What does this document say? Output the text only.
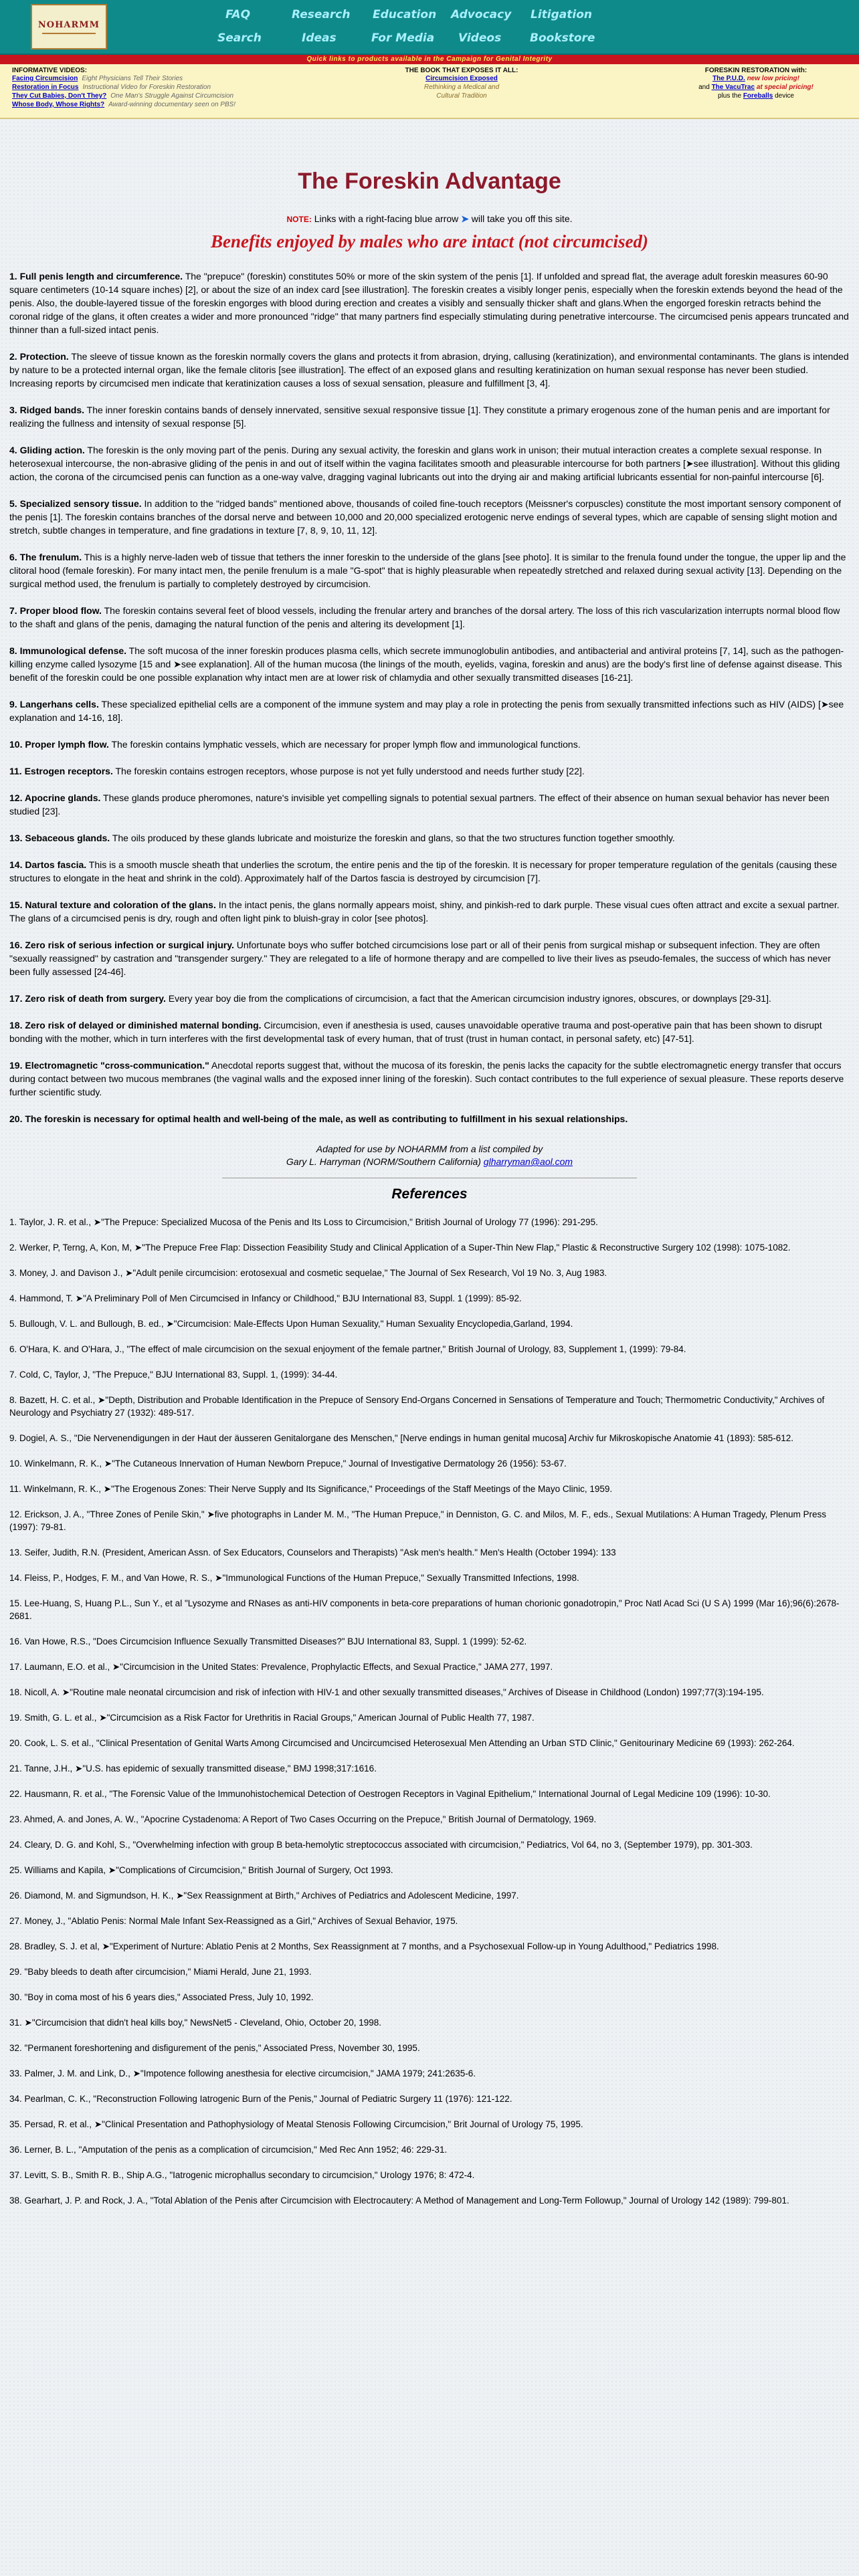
NOHARMM
FAQ	Research Education Advocacy Litigation
Search	Ideas	For Media Videos	Bookstore
Quick links to products available in the Campaign for Genital Integrity
INFORMATIVE VIDEOS:
Facing Circumcision Eight Physicians Tell Their Stories
Restoration in Focus Instructional Video for Foreskin Restoration
They Cut Babies, Don't They? One Man's Struggle Against Circumcision
Whose Body, Whose Rights? Award-winning documentary seen on PBS!
THE BOOK THAT EXPOSES IT ALL:
Circumcision Exposed
Rethinking a Medical and
Cultural Tradition
FORESKIN RESTORATION with:
The P.U.D. new low pricing!
and The VacuTrac at special pricing!
plus the Foreballs device
The Foreskin Advantage
NOTE: Links with a right-facing blue arrow ➤ will take you off this site.
Benefits enjoyed by males who are intact (not circumcised)

1. Full penis length and circumference. The "prepuce" (foreskin) constitutes 50% or more of the skin system of the penis [1]. If unfolded and spread flat, the average adult foreskin measures 60-90 square centimeters (10-14 square inches) [2], or about the size of an index card [see illustration]. The foreskin creates a visibly longer penis, especially when the foreskin extends beyond the head of the penis. Also, the double-layered tissue of the foreskin engorges with blood during erection and creates a visibly and sensually thicker shaft and glans.When the engorged foreskin retracts behind the coronal ridge of the glans, it often creates a wider and more pronounced "ridge" that many partners find especially stimulating during penetrative intercourse. The circumcised penis appears truncated and thinner than a full-sized intact penis.

2. Protection. The sleeve of tissue known as the foreskin normally covers the glans and protects it from abrasion, drying, callusing (keratinization), and environmental contaminants. The glans is intended by nature to be a protected internal organ, like the female clitoris [see illustration]. The effect of an exposed glans and resulting keratinization on human sexual response has never been studied. Increasing reports by circumcised men indicate that keratinization causes a loss of sexual sensation, pleasure and fulfillment [3, 4].

3. Ridged bands. The inner foreskin contains bands of densely innervated, sensitive sexual responsive tissue [1]. They constitute a primary erogenous zone of the human penis and are important for realizing the fullness and intensity of sexual response [5].

4. Gliding action. The foreskin is the only moving part of the penis. During any sexual activity, the foreskin and glans work in unison; their mutual interaction creates a complete sexual response. In heterosexual intercourse, the non-abrasive gliding of the penis in and out of itself within the vagina facilitates smooth and pleasurable intercourse for both partners [➤see illustration]. Without this gliding action, the corona of the circumcised penis can function as a one-way valve, dragging vaginal lubricants out into the drying air and making artificial lubricants essential for non-painful intercourse [6].

5. Specialized sensory tissue. In addition to the "ridged bands" mentioned above, thousands of coiled fine-touch receptors (Meissner's corpuscles) constitute the most important sensory component of the penis [1]. The foreskin contains branches of the dorsal nerve and between 10,000 and 20,000 specialized erotogenic nerve endings of several types, which are capable of sensing slight motion and stretch, subtle changes in temperature, and fine gradations in texture [7, 8, 9, 10, 11, 12].

6. The frenulum. This is a highly nerve-laden web of tissue that tethers the inner foreskin to the underside of the glans [see photo]. It is similar to the frenula found under the tongue, the upper lip and the clitoral hood (female foreskin). For many intact men, the penile frenulum is a male "G-spot" that is highly pleasurable when repeatedly stretched and relaxed during sexual activity [13]. Depending on the surgical method used, the frenulum is partially to completely destroyed by circumcision.

7. Proper blood flow. The foreskin contains several feet of blood vessels, including the frenular artery and branches of the dorsal artery. The loss of this rich vascularization interrupts normal blood flow to the shaft and glans of the penis, damaging the natural function of the penis and altering its development [1].

8. Immunological defense. The soft mucosa of the inner foreskin produces plasma cells, which secrete immunoglobulin antibodies, and antibacterial and antiviral proteins [7, 14], such as the pathogen-killing enzyme called lysozyme [15 and ➤see explanation]. All of the human mucosa (the linings of the mouth, eyelids, vagina, foreskin and anus) are the body's first line of defense against disease. This benefit of the foreskin could be one possible explanation why intact men are at lower risk of chlamydia and other sexually transmitted diseases [16-21].

9. Langerhans cells. These specialized epithelial cells are a component of the immune system and may play a role in protecting the penis from sexually transmitted infections such as HIV (AIDS) [➤see explanation and 14-16, 18].

10. Proper lymph flow. The foreskin contains lymphatic vessels, which are necessary for proper lymph flow and immunological functions.

11. Estrogen receptors. The foreskin contains estrogen receptors, whose purpose is not yet fully understood and needs further study [22].

12. Apocrine glands. These glands produce pheromones, nature's invisible yet compelling signals to potential sexual partners. The effect of their absence on human sexual behavior has never been studied [23].

13. Sebaceous glands. The oils produced by these glands lubricate and moisturize the foreskin and glans, so that the two structures function together smoothly.

14. Dartos fascia. This is a smooth muscle sheath that underlies the scrotum, the entire penis and the tip of the foreskin. It is necessary for proper temperature regulation of the genitals (causing these structures to elongate in the heat and shrink in the cold). Approximately half of the Dartos fascia is destroyed by circumcision [7].

15. Natural texture and coloration of the glans. In the intact penis, the glans normally appears moist, shiny, and pinkish-red to dark purple. These visual cues often attract and excite a sexual partner. The glans of a circumcised penis is dry, rough and often light pink to bluish-gray in color [see photos].

16. Zero risk of serious infection or surgical injury. Unfortunate boys who suffer botched circumcisions lose part or all of their penis from surgical mishap or subsequent infection. They are often "sexually reassigned" by castration and "transgender surgery." They are relegated to a life of hormone therapy and are compelled to live their lives as pseudo-females, the success of which has never been fully assessed [24-46].

17. Zero risk of death from surgery. Every year boy die from the complications of circumcision, a fact that the American circumcision industry ignores, obscures, or downplays [29-31].

18. Zero risk of delayed or diminished maternal bonding. Circumcision, even if anesthesia is used, causes unavoidable operative trauma and post-operative pain that has been shown to disrupt bonding with the mother, which in turn interferes with the first developmental task of every human, that of trust (trust in human contact, in personal safety, etc) [47-51].

19. Electromagnetic "cross-communication." Anecdotal reports suggest that, without the mucosa of its foreskin, the penis lacks the capacity for the subtle electromagnetic energy transfer that occurs during contact between two mucous membranes (the vaginal walls and the exposed inner lining of the foreskin). Such contact contributes to the full experience of sexual pleasure. These reports deserve further scientific study.

20. The foreskin is necessary for optimal health and well-being of the male, as well as contributing to fulfillment in his sexual relationships.

Adapted for use by NOHARMM from a list compiled by
Gary L. Harryman (NORM/Southern California) glharryman@aol.com
References

1. Taylor, J. R. et al., ➤"The Prepuce: Specialized Mucosa of the Penis and Its Loss to Circumcision," British Journal of Urology 77 (1996): 291-295.

2. Werker, P, Terng, A, Kon, M, ➤"The Prepuce Free Flap: Dissection Feasibility Study and Clinical Application of a Super-Thin New Flap," Plastic & Reconstructive Surgery 102 (1998): 1075-1082.

3. Money, J. and Davison J., ➤"Adult penile circumcision: erotosexual and cosmetic sequelae," The Journal of Sex Research, Vol 19 No. 3, Aug 1983.

4. Hammond, T. ➤"A Preliminary Poll of Men Circumcised in Infancy or Childhood," BJU International 83, Suppl. 1 (1999): 85-92.

5. Bullough, V. L. and Bullough, B. ed., ➤"Circumcision: Male-Effects Upon Human Sexuality," Human Sexuality Encyclopedia,Garland, 1994.

6. O'Hara, K. and O'Hara, J., "The effect of male circumcision on the sexual enjoyment of the female partner," British Journal of Urology, 83, Supplement 1, (1999): 79-84.

7. Cold, C, Taylor, J, "The Prepuce," BJU International 83, Suppl. 1, (1999): 34-44.

8. Bazett, H. C. et al., ➤"Depth, Distribution and Probable Identification in the Prepuce of Sensory End-Organs Concerned in Sensations of Temperature and Touch; Thermometric Conductivity," Archives of Neurology and Psychiatry 27 (1932): 489-517.

9. Dogiel, A. S., "Die Nervenendigungen in der Haut der äusseren Genitalorgane des Menschen," [Nerve endings in human genital mucosa] Archiv fur Mikroskopische Anatomie 41 (1893): 585-612.

10. Winkelmann, R. K., ➤"The Cutaneous Innervation of Human Newborn Prepuce," Journal of Investigative Dermatology 26 (1956): 53-67.

11. Winkelmann, R. K., ➤"The Erogenous Zones: Their Nerve Supply and Its Significance," Proceedings of the Staff Meetings of the Mayo Clinic, 1959.

12. Erickson, J. A., "Three Zones of Penile Skin," ➤five photographs in Lander M. M., "The Human Prepuce," in Denniston, G. C. and Milos, M. F., eds., Sexual Mutilations: A Human Tragedy, Plenum Press (1997): 79-81.

13. Seifer, Judith, R.N. (President, American Assn. of Sex Educators, Counselors and Therapists) "Ask men's health." Men's Health (October 1994): 133

14. Fleiss, P., Hodges, F. M., and Van Howe, R. S., ➤"Immunological Functions of the Human Prepuce," Sexually Transmitted Infections, 1998.

15. Lee-Huang, S, Huang P.L., Sun Y., et al "Lysozyme and RNases as anti-HIV components in beta-core preparations of human chorionic gonadotropin," Proc Natl Acad Sci (U S A) 1999 (Mar 16);96(6):2678-2681.

16. Van Howe, R.S., "Does Circumcision Influence Sexually Transmitted Diseases?" BJU International 83, Suppl. 1 (1999): 52-62.

17. Laumann, E.O. et al., ➤"Circumcision in the United States: Prevalence, Prophylactic Effects, and Sexual Practice," JAMA 277, 1997.

18. Nicoll, A. ➤"Routine male neonatal circumcision and risk of infection with HIV-1 and other sexually transmitted diseases," Archives of Disease in Childhood (London) 1997;77(3):194-195.

19. Smith, G. L. et al., ➤"Circumcision as a Risk Factor for Urethritis in Racial Groups," American Journal of Public Health 77, 1987.

20. Cook, L. S. et al., "Clinical Presentation of Genital Warts Among Circumcised and Uncircumcised Heterosexual Men Attending an Urban STD Clinic," Genitourinary Medicine 69 (1993): 262-264.

21. Tanne, J.H., ➤"U.S. has epidemic of sexually transmitted disease," BMJ 1998;317:1616.

22. Hausmann, R. et al., "The Forensic Value of the Immunohistochemical Detection of Oestrogen Receptors in Vaginal Epithelium," International Journal of Legal Medicine 109 (1996): 10-30.

23. Ahmed, A. and Jones, A. W., "Apocrine Cystadenoma: A Report of Two Cases Occurring on the Prepuce," British Journal of Dermatology, 1969.

24. Cleary, D. G. and Kohl, S., "Overwhelming infection with group B beta-hemolytic streptococcus associated with circumcision," Pediatrics, Vol 64, no 3, (September 1979), pp. 301-303.

25. Williams and Kapila, ➤"Complications of Circumcision," British Journal of Surgery, Oct 1993.

26. Diamond, M. and Sigmundson, H. K., ➤"Sex Reassignment at Birth," Archives of Pediatrics and Adolescent Medicine, 1997.

27. Money, J., "Ablatio Penis: Normal Male Infant Sex-Reassigned as a Girl," Archives of Sexual Behavior, 1975.

28. Bradley, S. J. et al, ➤"Experiment of Nurture: Ablatio Penis at 2 Months, Sex Reassignment at 7 months, and a Psychosexual Follow-up in Young Adulthood," Pediatrics 1998.

29. "Baby bleeds to death after circumcision," Miami Herald, June 21, 1993.

30. "Boy in coma most of his 6 years dies," Associated Press, July 10, 1992.

31. ➤"Circumcision that didn't heal kills boy," NewsNet5 - Cleveland, Ohio, October 20, 1998.

32. "Permanent foreshortening and disfigurement of the penis," Associated Press, November 30, 1995.

33. Palmer, J. M. and Link, D., ➤"Impotence following anesthesia for elective circumcision," JAMA 1979; 241:2635-6.

34. Pearlman, C. K., "Reconstruction Following Iatrogenic Burn of the Penis," Journal of Pediatric Surgery 11 (1976): 121-122.

35. Persad, R. et al., ➤"Clinical Presentation and Pathophysiology of Meatal Stenosis Following Circumcision," Brit Journal of Urology 75, 1995.

36. Lerner, B. L., "Amputation of the penis as a complication of circumcision," Med Rec Ann 1952; 46: 229-31.

37. Levitt, S. B., Smith R. B., Ship A.G., "Iatrogenic microphallus secondary to circumcision," Urology 1976; 8: 472-4.

38. Gearhart, J. P. and Rock, J. A., "Total Ablation of the Penis after Circumcision with Electrocautery: A Method of Management and Long-Term Followup," Journal of Urology 142 (1989): 799-801.
